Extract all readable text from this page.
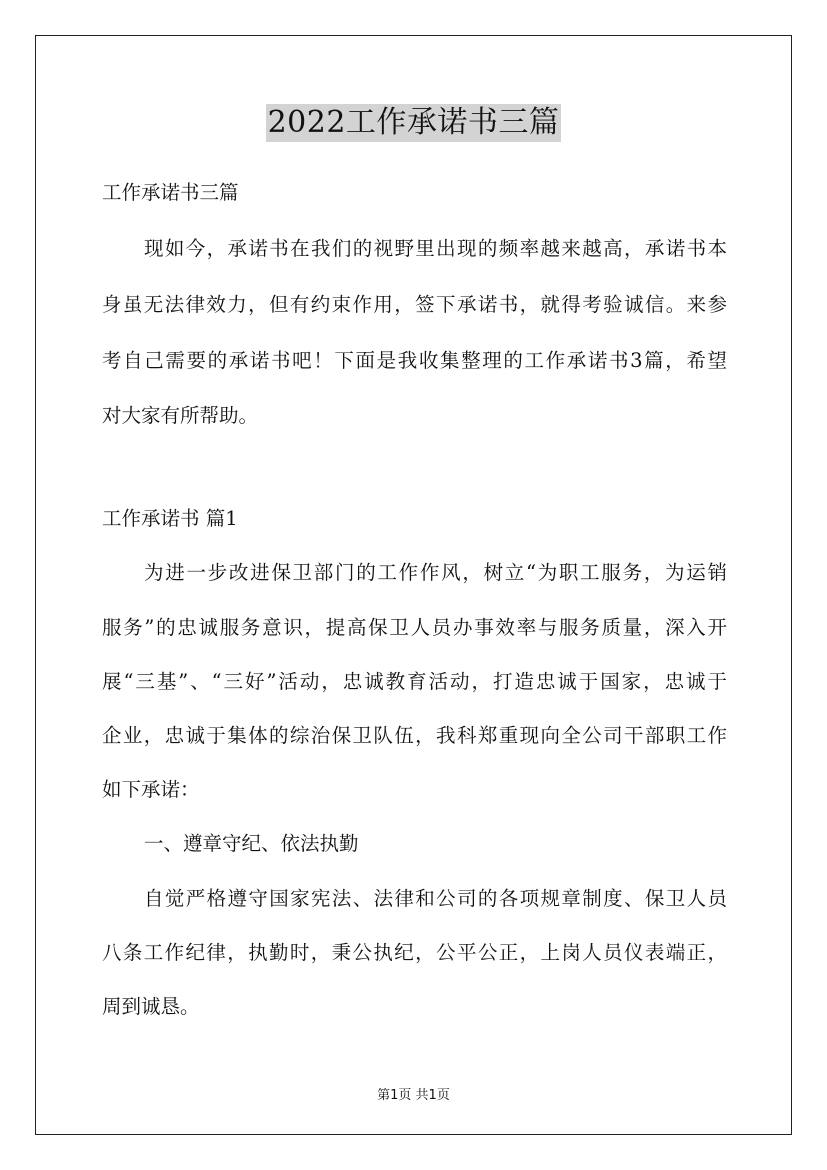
2022工作承诺书三篇
工作承诺书三篇
现如今，承诺书在我们的视野里出现的频率越来越高，承诺书本
身虽无法律效力，但有约束作用，签下承诺书，就得考验诚信。来参
考自己需要的承诺书吧！下面是我收集整理的工作承诺书3篇，希望
对大家有所帮助。
工作承诺书 篇1
为进一步改进保卫部门的工作作风，树立“为职工服务，为运销
服务”的忠诚服务意识，提高保卫人员办事效率与服务质量，深入开
展“三基”、“三好”活动，忠诚教育活动，打造忠诚于国家，忠诚于
企业，忠诚于集体的综治保卫队伍，我科郑重现向全公司干部职工作
如下承诺：
一、遵章守纪、依法执勤
自觉严格遵守国家宪法、法律和公司的各项规章制度、保卫人员
八条工作纪律，执勤时，秉公执纪，公平公正，上岗人员仪表端正，
周到诚恳。
第1页 共1页
